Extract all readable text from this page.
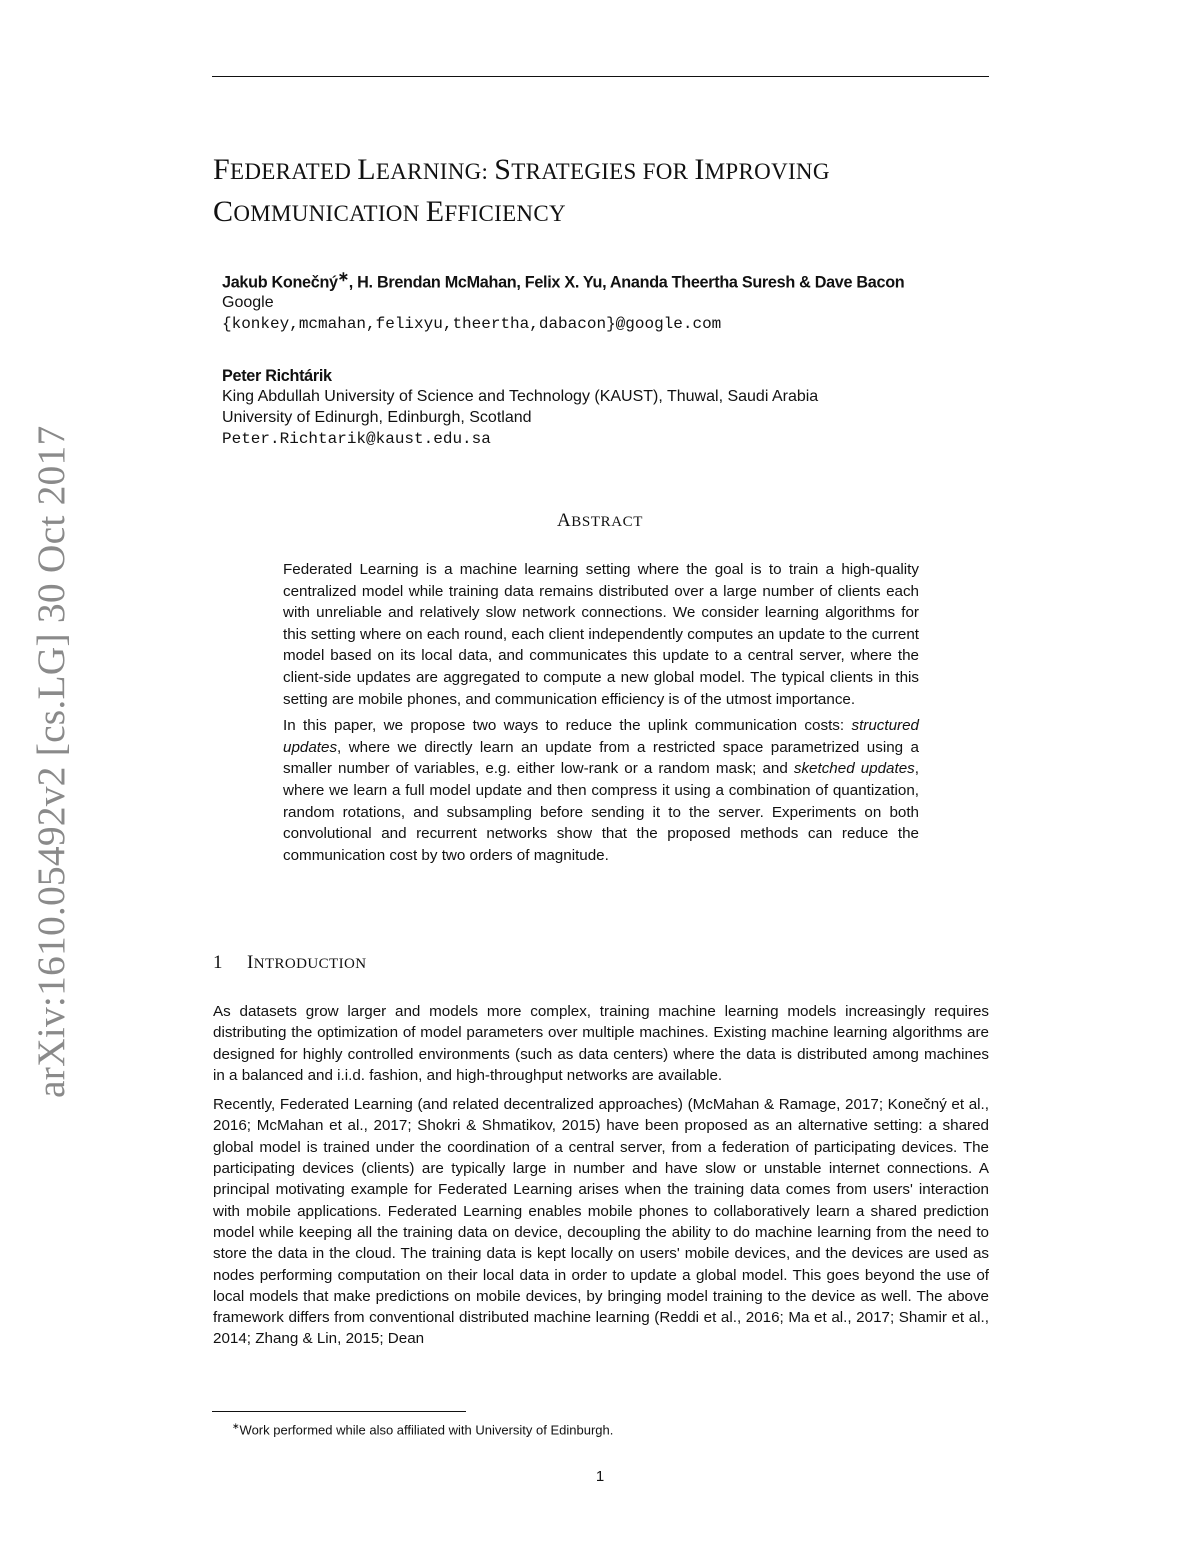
arXiv:1610.05492v2 [cs.LG] 30 Oct 2017
FEDERATED LEARNING: STRATEGIES FOR IMPROVING
COMMUNICATION EFFICIENCY
Jakub Konečný∗, H. Brendan McMahan, Felix X. Yu, Ananda Theertha Suresh & Dave Bacon
Google
{konkey,mcmahan,felixyu,theertha,dabacon}@google.com
Peter Richtárik
King Abdullah University of Science and Technology (KAUST), Thuwal, Saudi Arabia
University of Edinurgh, Edinburgh, Scotland
Peter.Richtarik@kaust.edu.sa
ABSTRACT

Federated Learning is a machine learning setting where the goal is to train a high-quality centralized model while training data remains distributed over a large number of clients each with unreliable and relatively slow network connections. We consider learning algorithms for this setting where on each round, each client independently computes an update to the current model based on its local data, and communicates this update to a central server, where the client-side updates are aggregated to compute a new global model. The typical clients in this setting are mobile phones, and communication efficiency is of the utmost importance.

In this paper, we propose two ways to reduce the uplink communication costs: structured updates, where we directly learn an update from a restricted space parametrized using a smaller number of variables, e.g. either low-rank or a random mask; and sketched updates, where we learn a full model update and then compress it using a combination of quantization, random rotations, and subsampling before sending it to the server. Experiments on both convolutional and recurrent networks show that the proposed methods can reduce the communication cost by two orders of magnitude.

1 INTRODUCTION

As datasets grow larger and models more complex, training machine learning models increasingly requires distributing the optimization of model parameters over multiple machines. Existing machine learning algorithms are designed for highly controlled environments (such as data centers) where the data is distributed among machines in a balanced and i.i.d. fashion, and high-throughput networks are available.

Recently, Federated Learning (and related decentralized approaches) (McMahan & Ramage, 2017; Konečný et al., 2016; McMahan et al., 2017; Shokri & Shmatikov, 2015) have been proposed as an alternative setting: a shared global model is trained under the coordination of a central server, from a federation of participating devices. The participating devices (clients) are typically large in number and have slow or unstable internet connections. A principal motivating example for Federated Learning arises when the training data comes from users' interaction with mobile applications. Federated Learning enables mobile phones to collaboratively learn a shared prediction model while keeping all the training data on device, decoupling the ability to do machine learning from the need to store the data in the cloud. The training data is kept locally on users' mobile devices, and the devices are used as nodes performing computation on their local data in order to update a global model. This goes beyond the use of local models that make predictions on mobile devices, by bringing model training to the device as well. The above framework differs from conventional distributed machine learning (Reddi et al., 2016; Ma et al., 2017; Shamir et al., 2014; Zhang & Lin, 2015; Dean

∗Work performed while also affiliated with University of Edinburgh.
1
